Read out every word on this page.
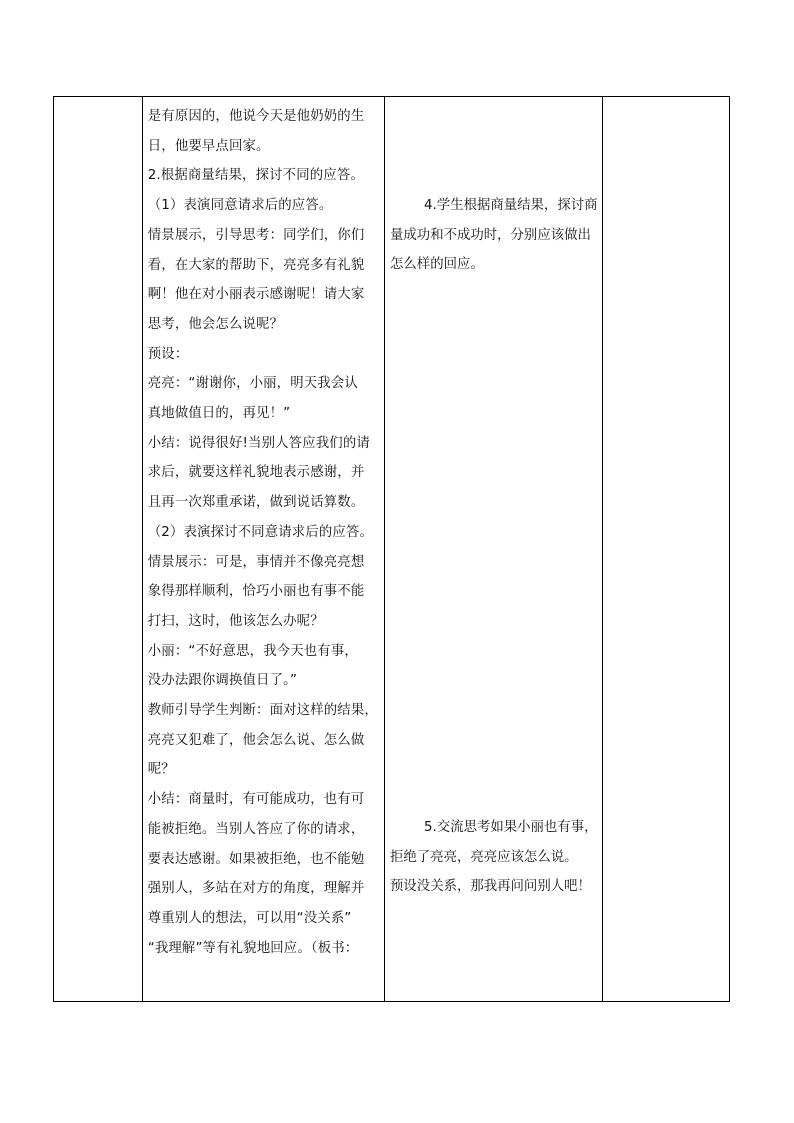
是有原因的，他说今天是他奶奶的生

日，他要早点回家。

2.根据商量结果，探讨不同的应答。

（1）表演同意请求后的应答。

情景展示，引导思考：同学们，你们

看，在大家的帮助下，亮亮多有礼貌

啊！他在对小丽表示感谢呢！请大家

思考，他会怎么说呢？

预设：

亮亮：“谢谢你，小丽，明天我会认

真地做值日的，再见！”

小结：说得很好!当别人答应我们的请

求后，就要这样礼貌地表示感谢，并

且再一次郑重承诺，做到说话算数。

（2）表演探讨不同意请求后的应答。

情景展示：可是，事情并不像亮亮想

象得那样顺利，恰巧小丽也有事不能

打扫，这时，他该怎么办呢？

小丽：“不好意思，我今天也有事，

没办法跟你调换值日了。”

教师引导学生判断：面对这样的结果，

亮亮又犯难了，他会怎么说、怎么做

呢？

小结：商量时，有可能成功，也有可

能被拒绝。当别人答应了你的请求，

要表达感谢。如果被拒绝，也不能勉

强别人，多站在对方的角度，理解并

尊重别人的想法，可以用“没关系”

“我理解”等有礼貌地回应。（板书：

4.学生根据商量结果，探讨商

量成功和不成功时，分别应该做出

怎么样的回应。

5.交流思考如果小丽也有事，

拒绝了亮亮，亮亮应该怎么说。

预设没关系，那我再问问别人吧！
